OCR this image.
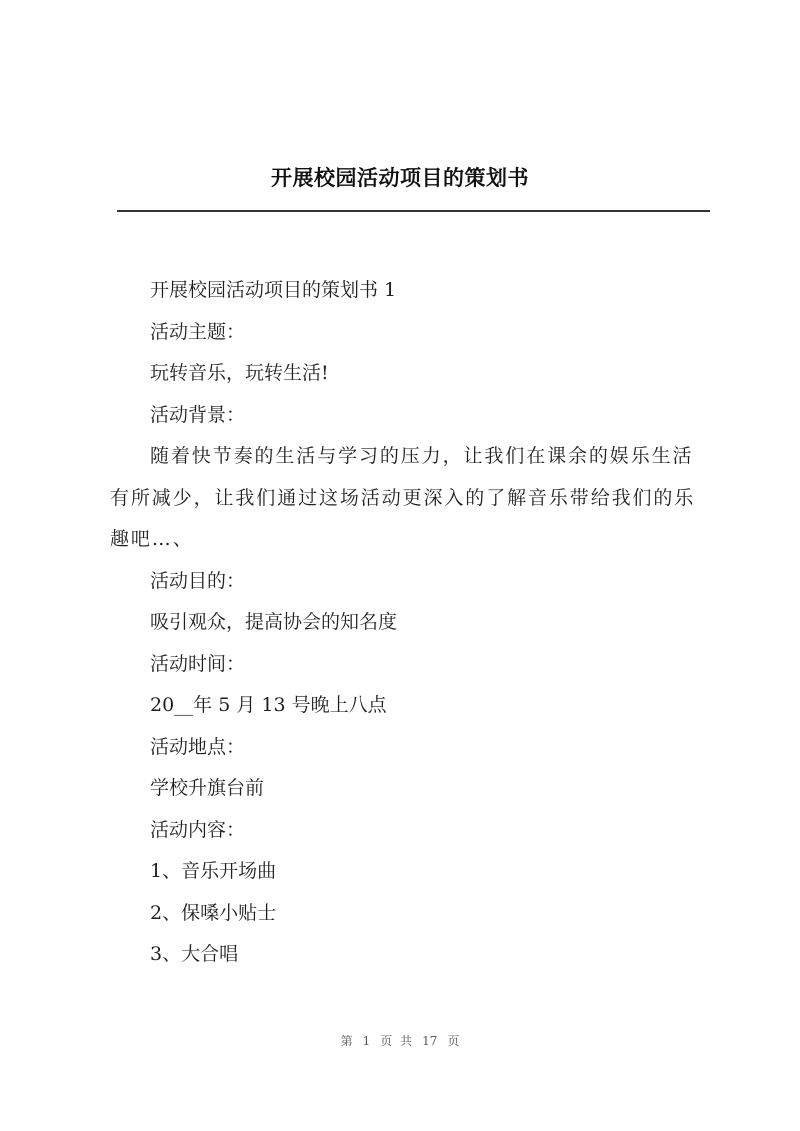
开展校园活动项目的策划书

开展校园活动项目的策划书 1

活动主题：

玩转音乐，玩转生活!

活动背景：

随着快节奏的生活与学习的压力，让我们在课余的娱乐生活有所减少，让我们通过这场活动更深入的了解音乐带给我们的乐趣吧…、

活动目的：

吸引观众，提高协会的知名度

活动时间：

20__年 5 月 13 号晚上八点

活动地点：

学校升旗台前

活动内容：

1、音乐开场曲

2、保嗓小贴士

3、大合唱

第 1 页 共 17 页
